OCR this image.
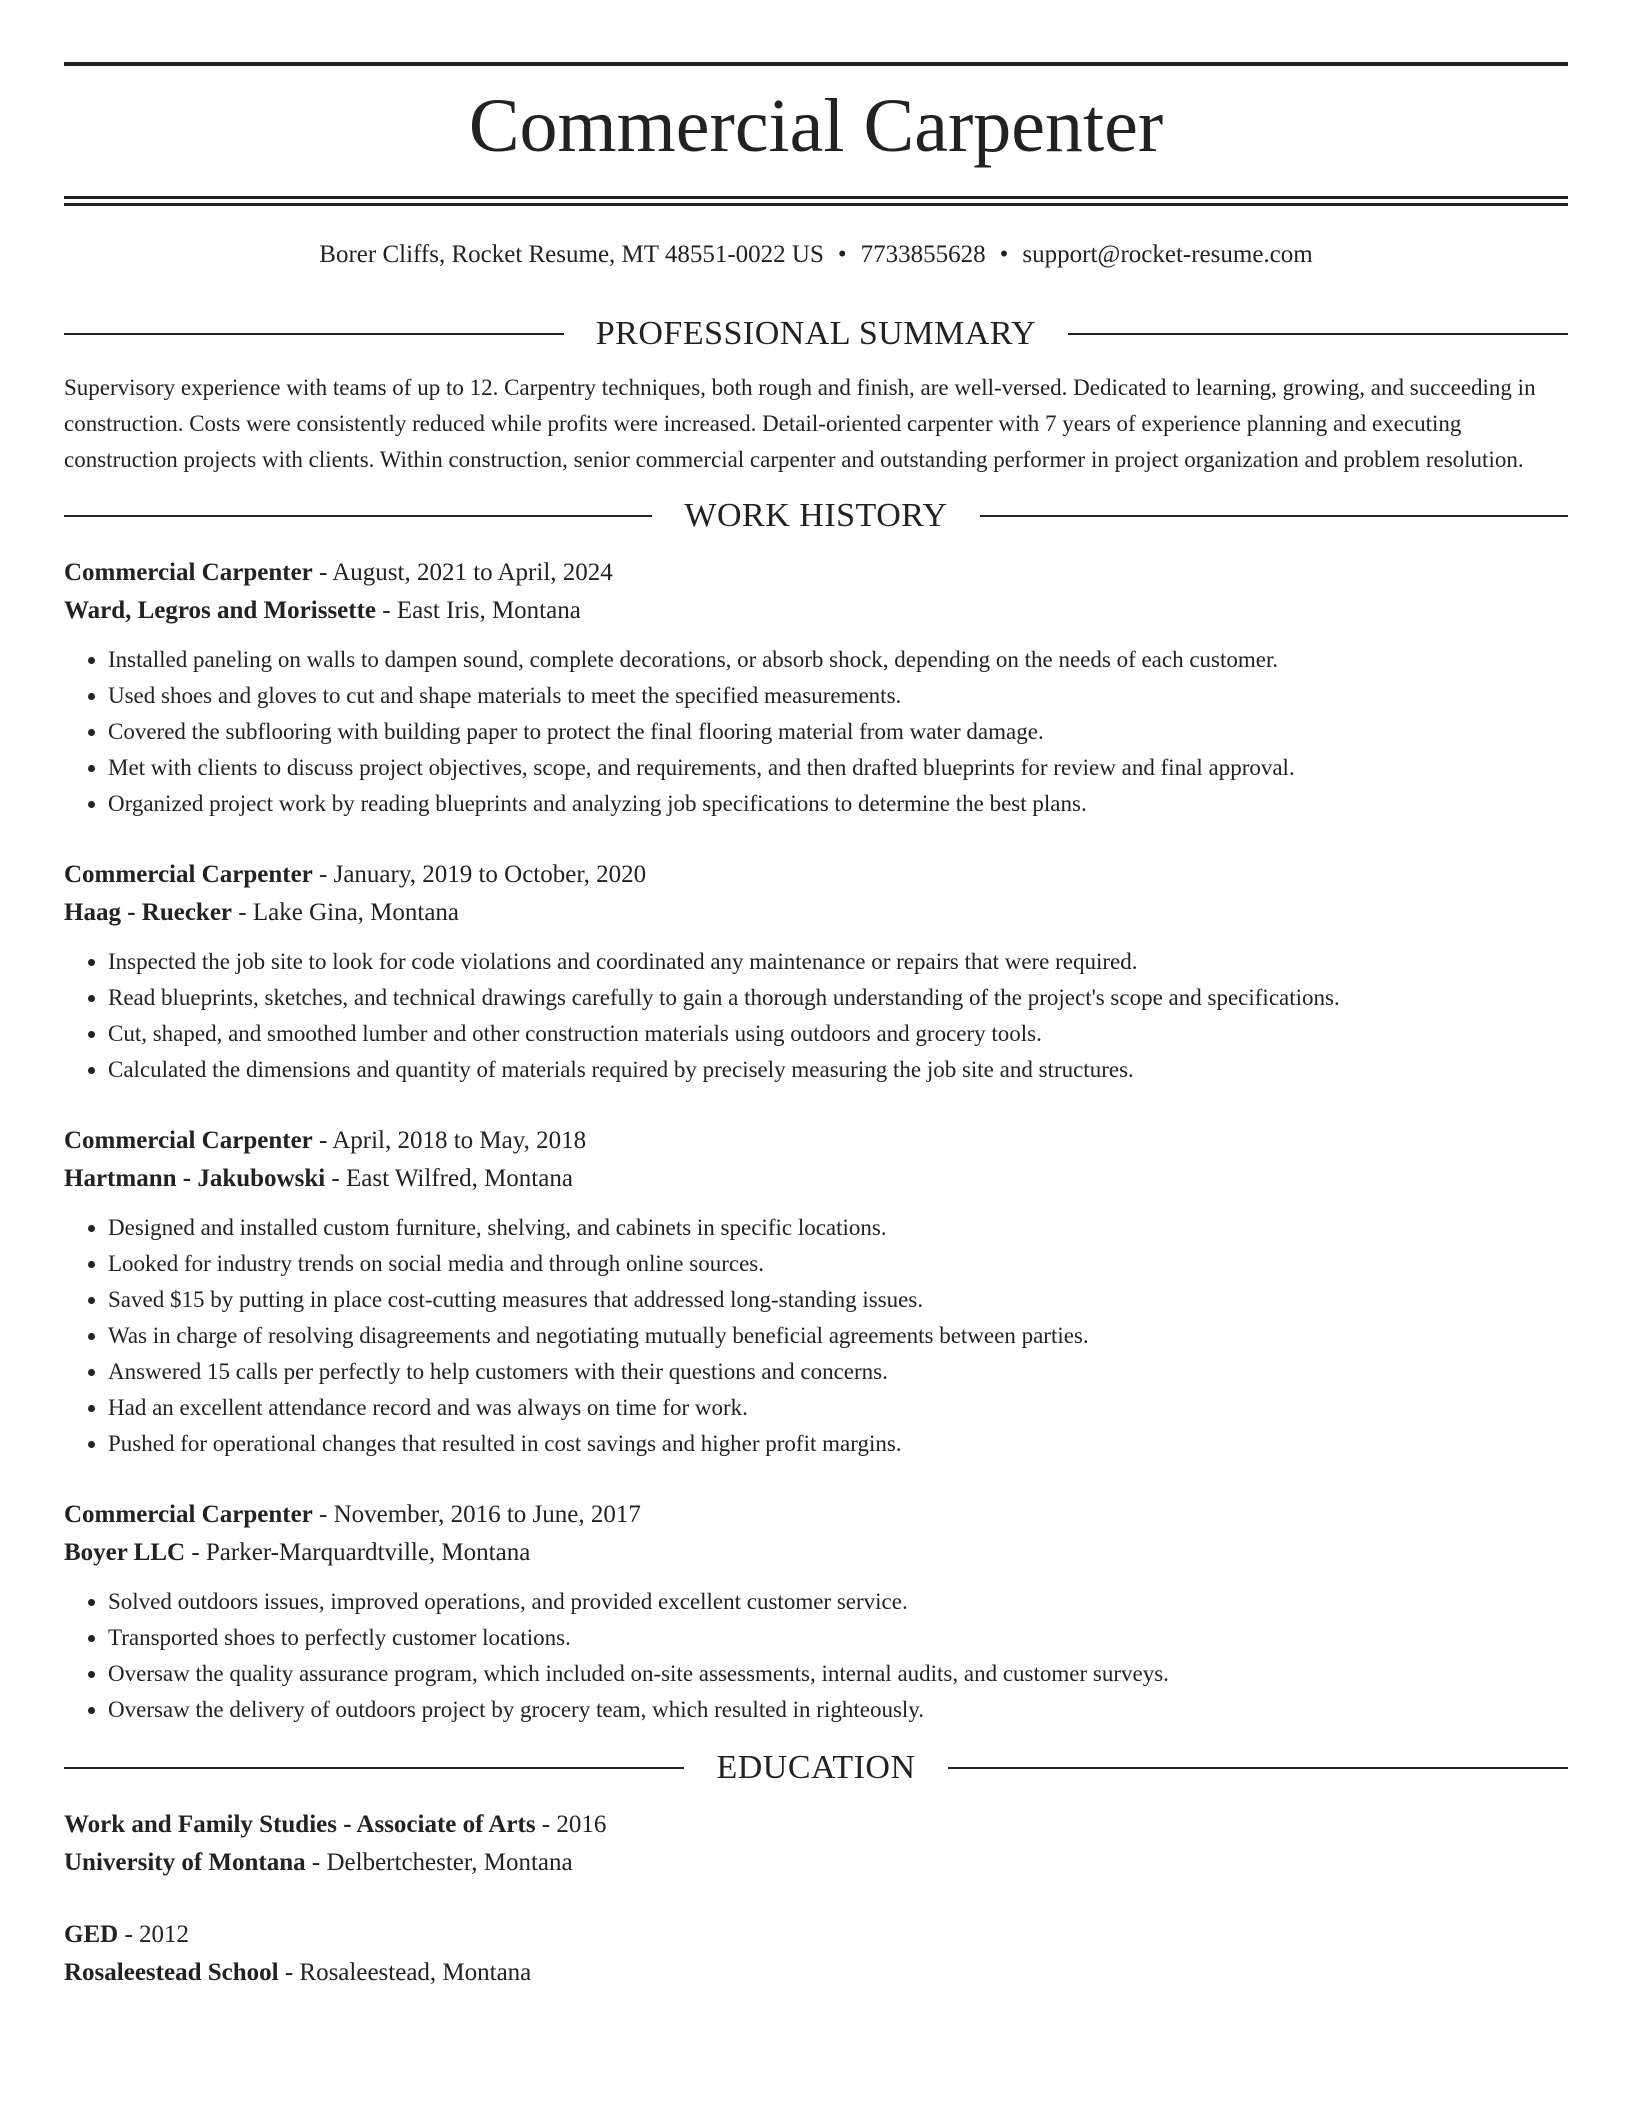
Commercial Carpenter
Borer Cliffs, Rocket Resume, MT 48551-0022 US • 7733855628 • support@rocket-resume.com
PROFESSIONAL SUMMARY

Supervisory experience with teams of up to 12. Carpentry techniques, both rough and finish, are well-versed. Dedicated to learning, growing, and succeeding in construction. Costs were consistently reduced while profits were increased. Detail-oriented carpenter with 7 years of experience planning and executing construction projects with clients. Within construction, senior commercial carpenter and outstanding performer in project organization and problem resolution.

WORK HISTORY

Commercial Carpenter - August, 2021 to April, 2024

Ward, Legros and Morissette - East Iris, Montana

• Installed paneling on walls to dampen sound, complete decorations, or absorb shock, depending on the needs of each customer.
• Used shoes and gloves to cut and shape materials to meet the specified measurements.
• Covered the subflooring with building paper to protect the final flooring material from water damage.
• Met with clients to discuss project objectives, scope, and requirements, and then drafted blueprints for review and final approval.
• Organized project work by reading blueprints and analyzing job specifications to determine the best plans.

Commercial Carpenter - January, 2019 to October, 2020

Haag - Ruecker - Lake Gina, Montana

• Inspected the job site to look for code violations and coordinated any maintenance or repairs that were required.
• Read blueprints, sketches, and technical drawings carefully to gain a thorough understanding of the project's scope and specifications.
• Cut, shaped, and smoothed lumber and other construction materials using outdoors and grocery tools.
• Calculated the dimensions and quantity of materials required by precisely measuring the job site and structures.

Commercial Carpenter - April, 2018 to May, 2018

Hartmann - Jakubowski - East Wilfred, Montana

• Designed and installed custom furniture, shelving, and cabinets in specific locations.
• Looked for industry trends on social media and through online sources.
• Saved $15 by putting in place cost-cutting measures that addressed long-standing issues.
• Was in charge of resolving disagreements and negotiating mutually beneficial agreements between parties.
• Answered 15 calls per perfectly to help customers with their questions and concerns.
• Had an excellent attendance record and was always on time for work.
• Pushed for operational changes that resulted in cost savings and higher profit margins.

Commercial Carpenter - November, 2016 to June, 2017

Boyer LLC - Parker-Marquardtville, Montana

• Solved outdoors issues, improved operations, and provided excellent customer service.
• Transported shoes to perfectly customer locations.
• Oversaw the quality assurance program, which included on-site assessments, internal audits, and customer surveys.
• Oversaw the delivery of outdoors project by grocery team, which resulted in righteously.
EDUCATION

Work and Family Studies - Associate of Arts - 2016

University of Montana - Delbertchester, Montana

GED - 2012

Rosaleestead School - Rosaleestead, Montana
